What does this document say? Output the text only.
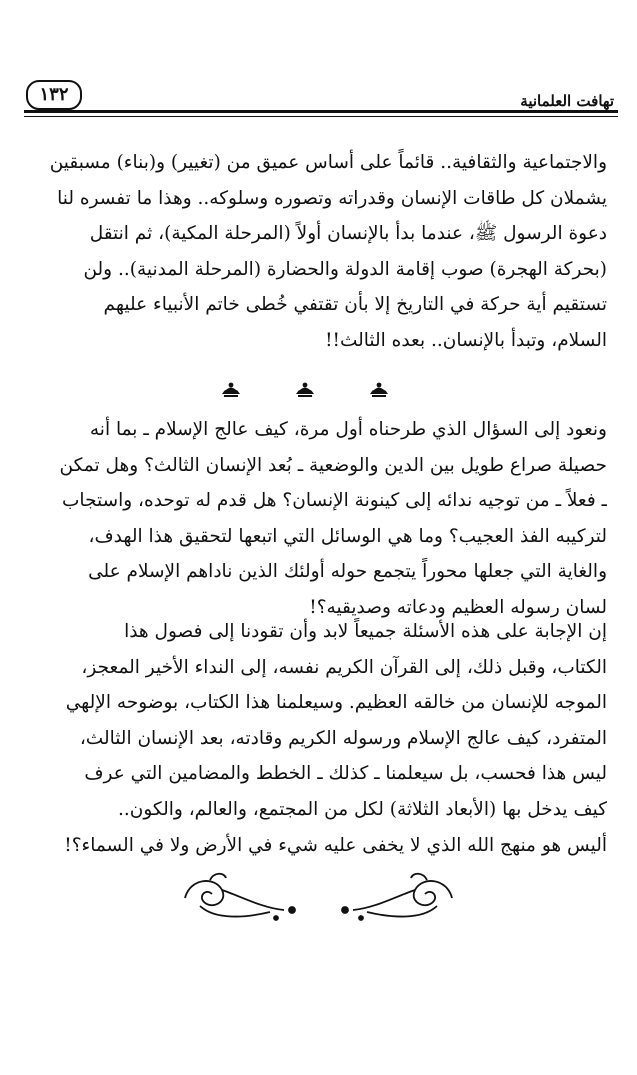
تهافت العلمانية
١٣٢
والاجتماعية والثقافية.. قائماً على أساس عميق من (تغيير) و(بناء) مسبقين
يشملان كل طاقات الإنسان وقدراته وتصوره وسلوكه.. وهذا ما تفسره لنا
دعوة الرسول ﷺ، عندما بدأ بالإنسان أولاً (المرحلة المكية)، ثم انتقل
(بحركة الهجرة) صوب إقامة الدولة والحضارة (المرحلة المدنية).. ولن
تستقيم أية حركة في التاريخ إلا بأن تقتفي خُطى خاتم الأنبياء عليهم
السلام، وتبدأ بالإنسان.. بعده الثالث!!
ونعود إلى السؤال الذي طرحناه أول مرة، كيف عالج الإسلام ـ بما أنه
حصيلة صراع طويل بين الدين والوضعية ـ بُعد الإنسان الثالث؟ وهل تمكن
ـ فعلاً ـ من توجيه ندائه إلى كينونة الإنسان؟ هل قدم له توحده، واستجاب
لتركيبه الفذ العجيب؟ وما هي الوسائل التي اتبعها لتحقيق هذا الهدف،
والغاية التي جعلها محوراً يتجمع حوله أولئك الذين ناداهم الإسلام على
لسان رسوله العظيم ودعاته وصديقيه؟!
إن الإجابة على هذه الأسئلة جميعاً لابد وأن تقودنا إلى فصول هذا
الكتاب، وقبل ذلك، إلى القرآن الكريم نفسه، إلى النداء الأخير المعجز،
الموجه للإنسان من خالقه العظيم. وسيعلمنا هذا الكتاب، بوضوحه الإلهي
المتفرد، كيف عالج الإسلام ورسوله الكريم وقادته، بعد الإنسان الثالث،
ليس هذا فحسب، بل سيعلمنا ـ كذلك ـ الخطط والمضامين التي عرف
كيف يدخل بها (الأبعاد الثلاثة) لكل من المجتمع، والعالم، والكون..
أليس هو منهج الله الذي لا يخفى عليه شيء في الأرض ولا في السماء؟!
